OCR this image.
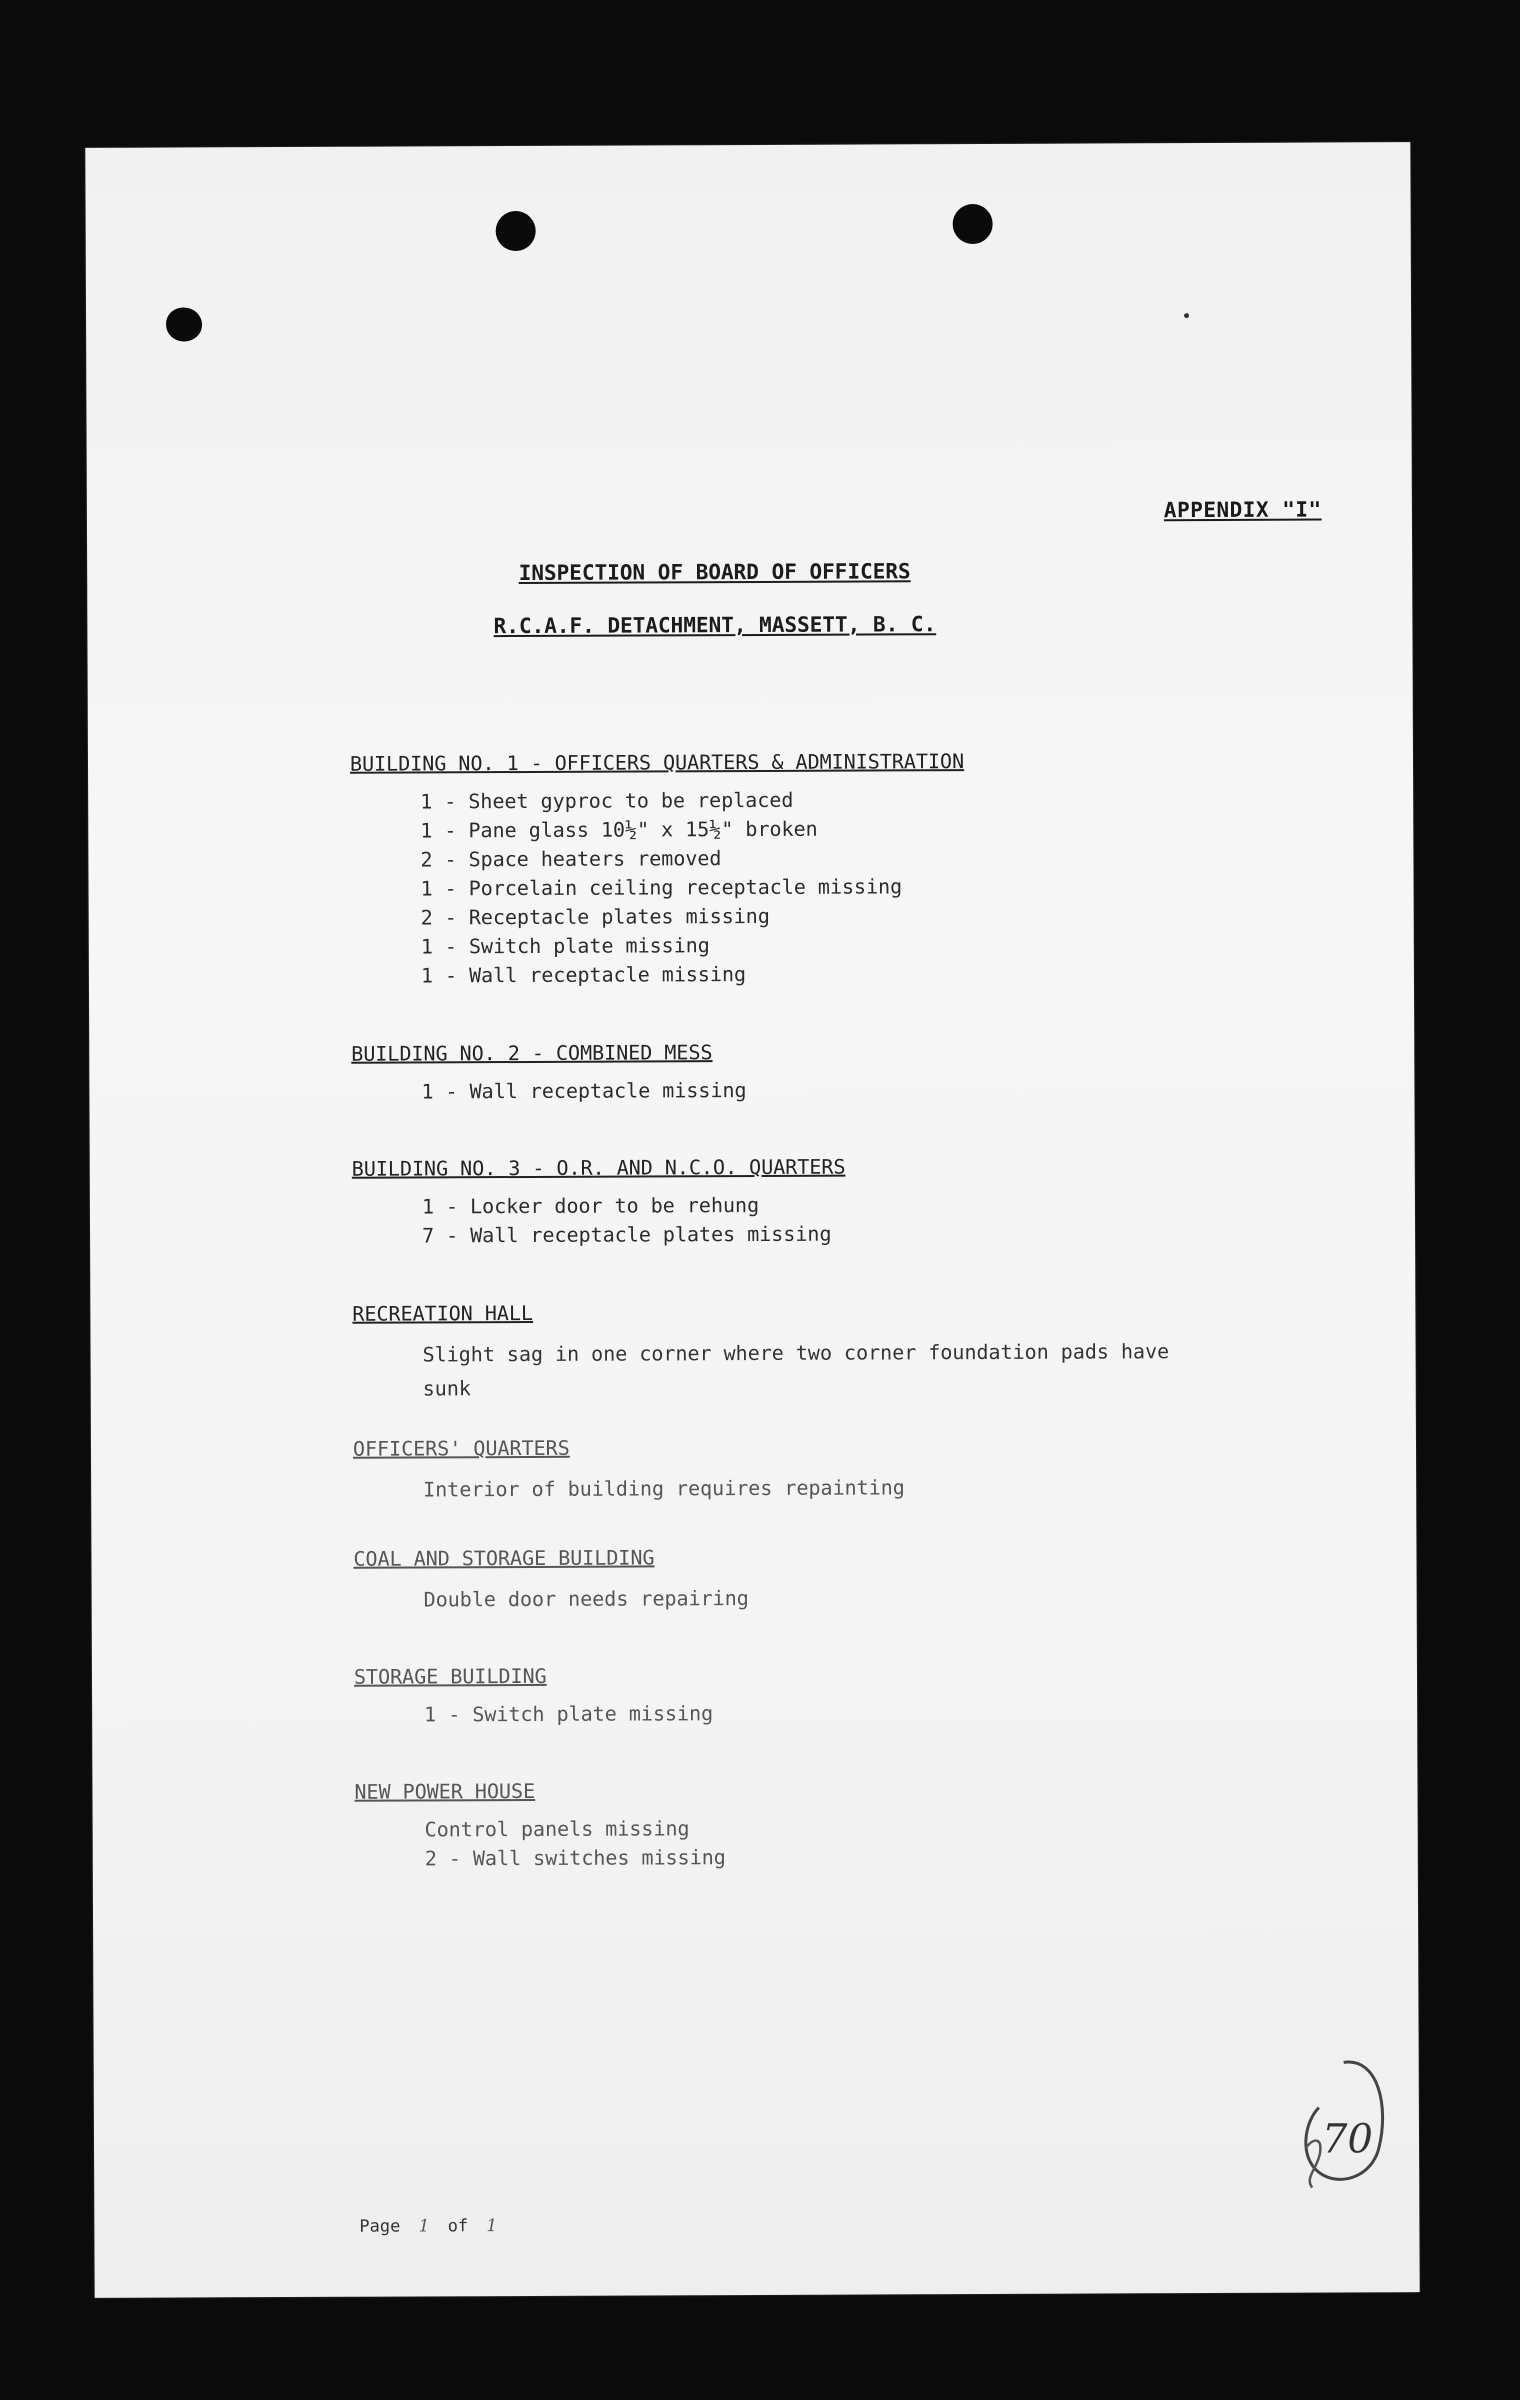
APPENDIX "I"
INSPECTION OF BOARD OF OFFICERS
R.C.A.F. DETACHMENT, MASSETT, B. C.
BUILDING NO. 1 - OFFICERS QUARTERS & ADMINISTRATION
1 - Sheet gyproc to be replaced
1 - Pane glass 10½" x 15½" broken
2 - Space heaters removed
1 - Porcelain ceiling receptacle missing
2 - Receptacle plates missing
1 - Switch plate missing
1 - Wall receptacle missing
BUILDING NO. 2 - COMBINED MESS
1 - Wall receptacle missing
BUILDING NO. 3 - O.R. AND N.C.O. QUARTERS
1 - Locker door to be rehung
7 - Wall receptacle plates missing
RECREATION HALL
Slight sag in one corner where two corner foundation pads have sunk
OFFICERS' QUARTERS
Interior of building requires repainting
COAL AND STORAGE BUILDING
Double door needs repairing
STORAGE BUILDING
1 - Switch plate missing
NEW POWER HOUSE
Control panels missing
2 - Wall switches missing
Page 1 of 1
70
